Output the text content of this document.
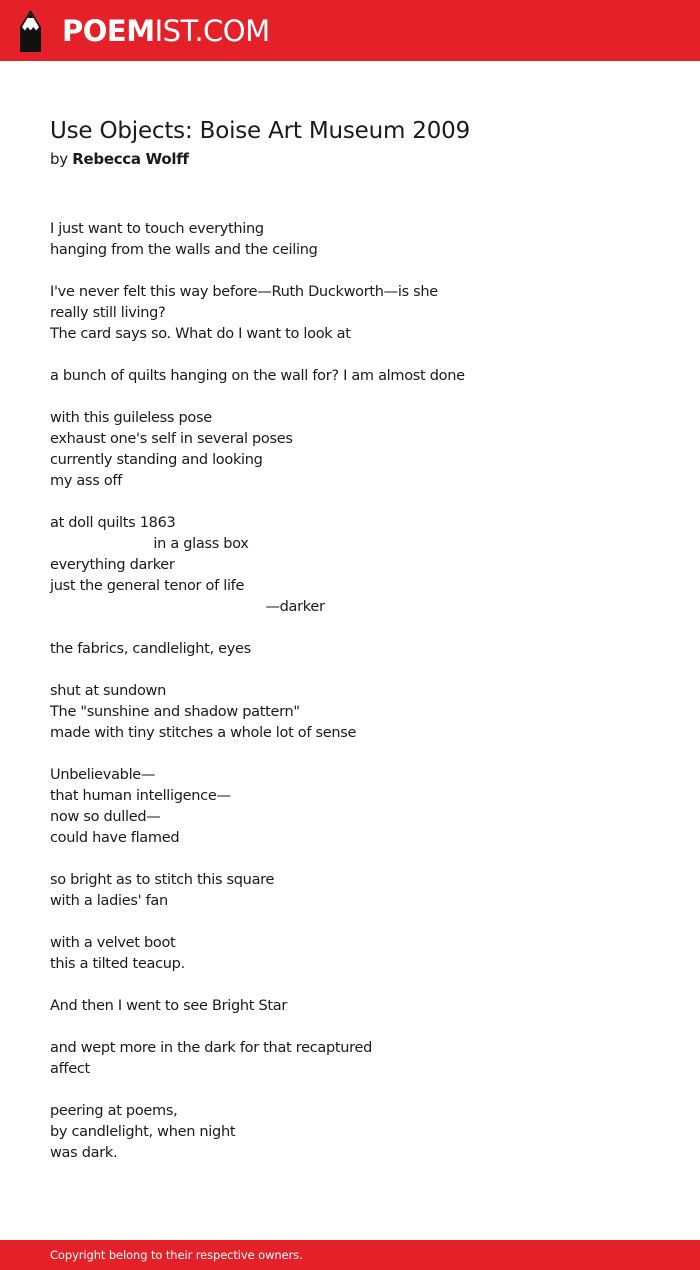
POEMIST.COM
Use Objects: Boise Art Museum 2009
by Rebecca Wolff
I just want to touch everything
hanging from the walls and the ceiling
I've never felt this way before—Ruth Duckworth—is she
really still living?
The card says so. What do I want to look at
a bunch of quilts hanging on the wall for? I am almost done
with this guileless pose
exhaust one's self in several poses
currently standing and looking
my ass off
at doll quilts 1863
in a glass box
everything darker
just the general tenor of life
—darker
the fabrics, candlelight, eyes
shut at sundown
The "sunshine and shadow pattern"
made with tiny stitches a whole lot of sense
Unbelievable—
that human intelligence—
now so dulled—
could have flamed
so bright as to stitch this square
with a ladies' fan
with a velvet boot
this a tilted teacup.
And then I went to see Bright Star
and wept more in the dark for that recaptured
affect
peering at poems,
by candlelight, when night
was dark.
Copyright belong to their respective owners.
